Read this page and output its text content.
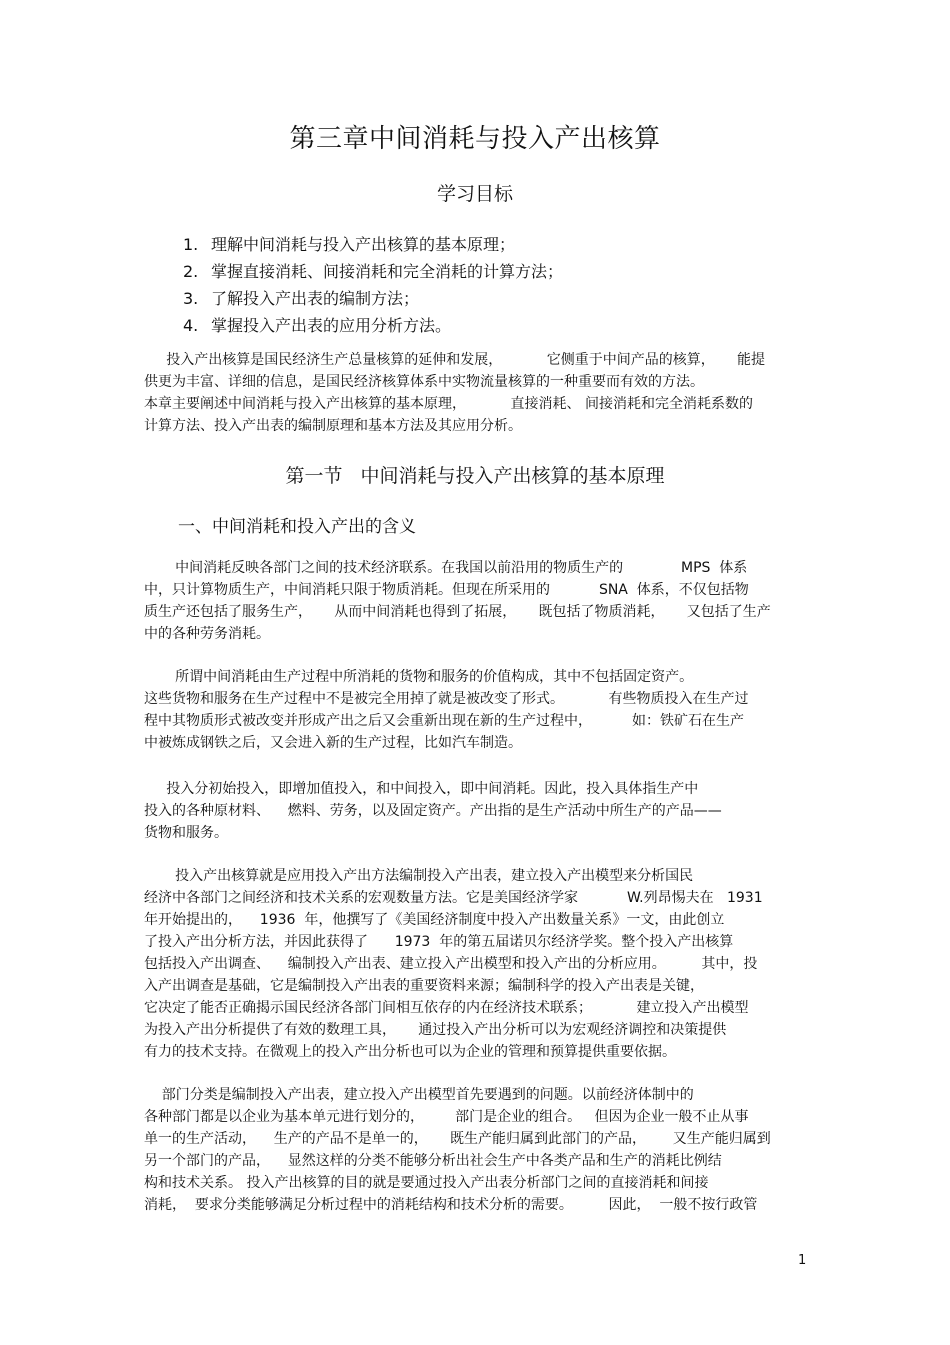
第三章中间消耗与投入产出核算
学习目标
1. 理解中间消耗与投入产出核算的基本原理；
2. 掌握直接消耗、间接消耗和完全消耗的计算方法；
3. 了解投入产出表的编制方法；
4. 掌握投入产出表的应用分析方法。
投入产出核算是国民经济生产总量核算的延伸和发展，          它侧重于中间产品的核算，     能提
供更为丰富、详细的信息，是国民经济核算体系中实物流量核算的一种重要而有效的方法。
本章主要阐述中间消耗与投入产出核算的基本原理，          直接消耗、 间接消耗和完全消耗系数的
计算方法、投入产出表的编制原理和基本方法及其应用分析。
第一节   中间消耗与投入产出核算的基本原理
一、中间消耗和投入产出的含义
中间消耗反映各部门之间的技术经济联系。在我国以前沿用的物质生产的             MPS  体系
中，只计算物质生产，中间消耗只限于物质消耗。但现在所采用的           SNA  体系，不仅包括物
质生产还包括了服务生产，     从而中间消耗也得到了拓展，     既包括了物质消耗，     又包括了生产
中的各种劳务消耗。
所谓中间消耗由生产过程中所消耗的货物和服务的价值构成，其中不包括固定资产。
这些货物和服务在生产过程中不是被完全用掉了就是被改变了形式。          有些物质投入在生产过
程中其物质形式被改变并形成产出之后又会重新出现在新的生产过程中，         如：铁矿石在生产
中被炼成钢铁之后，又会进入新的生产过程，比如汽车制造。
投入分初始投入，即增加值投入，和中间投入，即中间消耗。因此，投入具体指生产中
投入的各种原材料、    燃料、劳务，以及固定资产。产出指的是生产活动中所生产的产品——
货物和服务。
投入产出核算就是应用投入产出方法编制投入产出表，建立投入产出模型来分析国民
经济中各部门之间经济和技术关系的宏观数量方法。它是美国经济学家           W.列昂惕夫在   1931
年开始提出的，    1936  年，他撰写了《美国经济制度中投入产出数量关系》一文，由此创立
了投入产出分析方法，并因此获得了      1973  年的第五届诺贝尔经济学奖。整个投入产出核算
包括投入产出调查、    编制投入产出表、建立投入产出模型和投入产出的分析应用。        其中，投
入产出调查是基础，它是编制投入产出表的重要资料来源；编制科学的投入产出表是关键，
它决定了能否正确揭示国民经济各部门间相互依存的内在经济技术联系；          建立投入产出模型
为投入产出分析提供了有效的数理工具，     通过投入产出分析可以为宏观经济调控和决策提供
有力的技术支持。在微观上的投入产出分析也可以为企业的管理和预算提供重要依据。
部门分类是编制投入产出表，建立投入产出模型首先要遇到的问题。以前经济体制中的
各种部门都是以企业为基本单元进行划分的，       部门是企业的组合。   但因为企业一般不止从事
单一的生产活动，    生产的产品不是单一的，     既生产能归属到此部门的产品，      又生产能归属到
另一个部门的产品，    显然这样的分类不能够分析出社会生产中各类产品和生产的消耗比例结
构和技术关系。 投入产出核算的目的就是要通过投入产出表分析部门之间的直接消耗和间接
消耗，  要求分类能够满足分析过程中的消耗结构和技术分析的需要。        因此，  一般不按行政管
1
